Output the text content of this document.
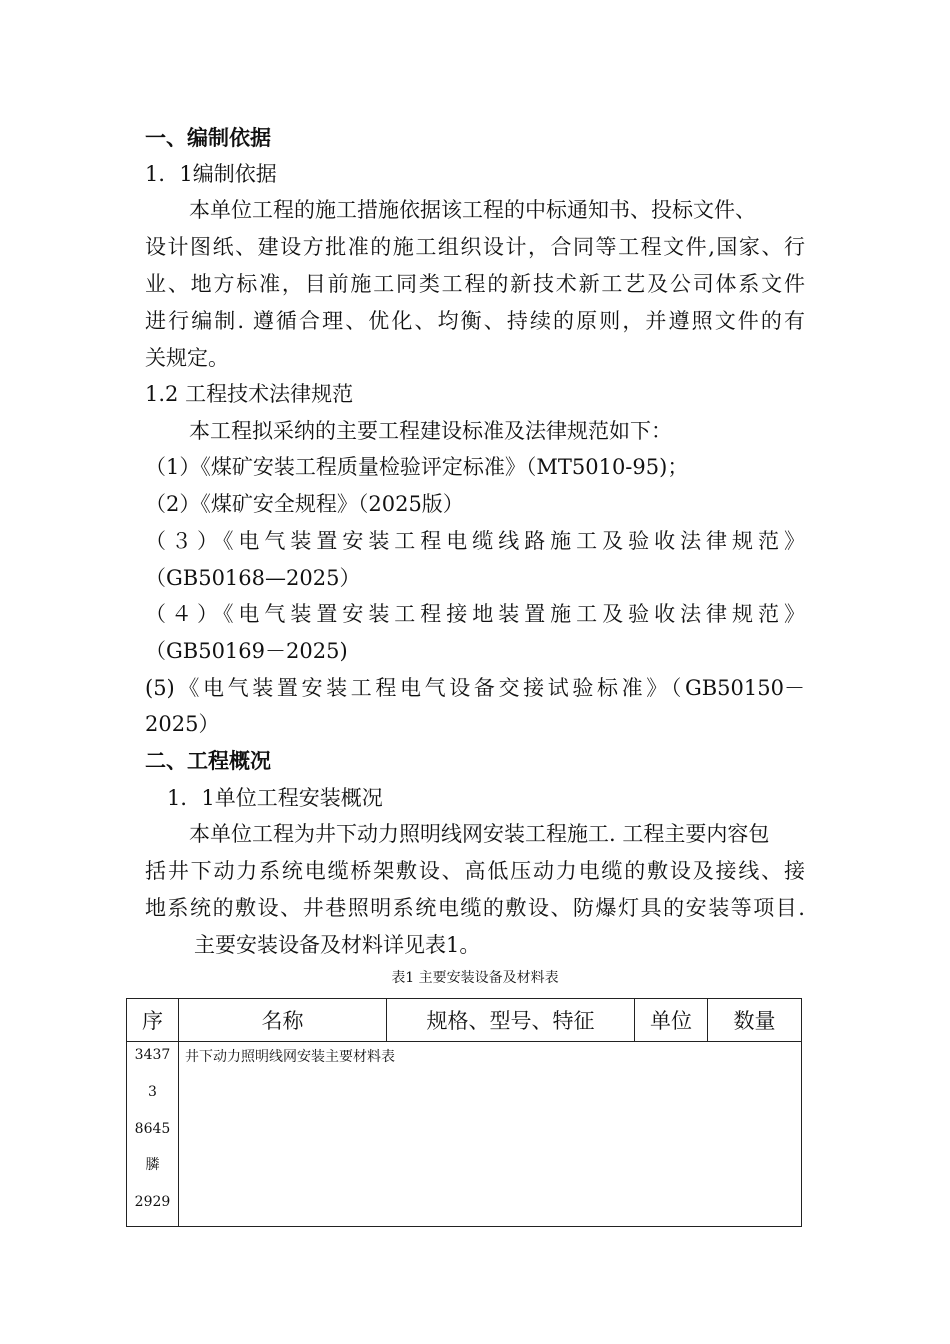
一、编制依据
1．1编制依据
本单位工程的施工措施依据该工程的中标通知书、投标文件、
设计图纸、建设方批准的施工组织设计，合同等工程文件,国家、行
业、地方标准，目前施工同类工程的新技术新工艺及公司体系文件
进行编制. 遵循合理、优化、均衡、持续的原则，并遵照文件的有
关规定。
1.2 工程技术法律规范
本工程拟采纳的主要工程建设标准及法律规范如下：
（1）《煤矿安装工程质量检验评定标准》（MT5010-95)；
（2）《煤矿安全规程》（2025版）
（３）《电气装置安装工程电缆线路施工及验收法律规范》
（GB50168—2025）
（４）《电气装置安装工程接地装置施工及验收法律规范》
（GB50169－2025)
(5)《电气装置安装工程电气设备交接试验标准》（GB50150－
2025）
二、工程概况
1．1单位工程安装概况
本单位工程为井下动力照明线网安装工程施工. 工程主要内容包
括井下动力系统电缆桥架敷设、高低压动力电缆的敷设及接线、接
地系统的敷设、井巷照明系统电缆的敷设、防爆灯具的安装等项目.
主要安装设备及材料详见表1。
表1 主要安装设备及材料表
序	名称	规格、型号、特征	单位	数量

3437
3
8645
膦
2929	井下动力照明线网安装主要材料表			
